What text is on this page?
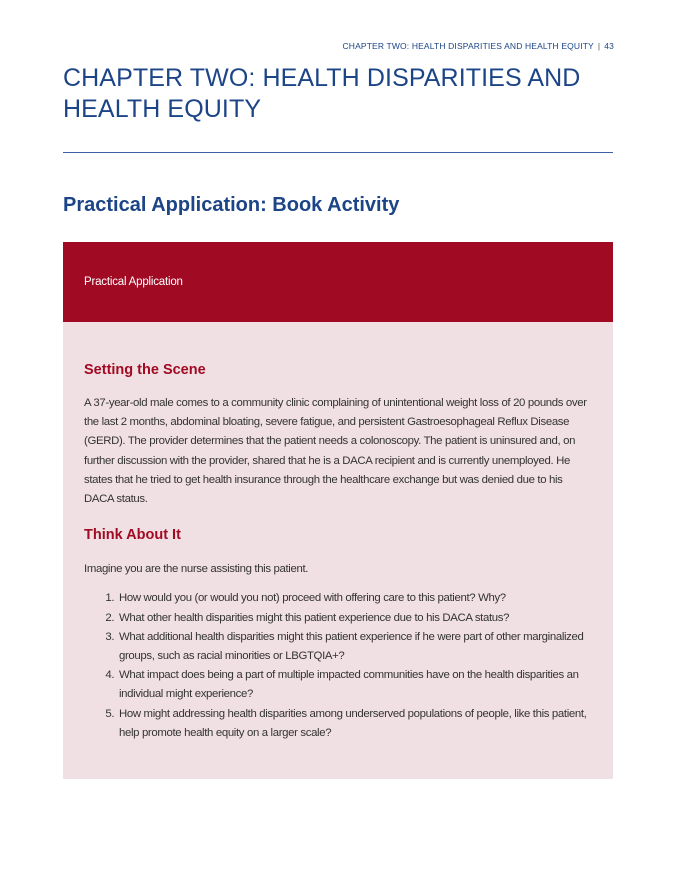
CHAPTER TWO: HEALTH DISPARITIES AND HEALTH EQUITY | 43
CHAPTER TWO: HEALTH DISPARITIES AND HEALTH EQUITY
Practical Application: Book Activity
Practical Application
Setting the Scene

A 37-year-old male comes to a community clinic complaining of unintentional weight loss of 20 pounds over the last 2 months, abdominal bloating, severe fatigue, and persistent Gastroesophageal Reflux Disease (GERD). The provider determines that the patient needs a colonoscopy. The patient is uninsured and, on further discussion with the provider, shared that he is a DACA recipient and is currently unemployed. He states that he tried to get health insurance through the healthcare exchange but was denied due to his DACA status.

Think About It

Imagine you are the nurse assisting this patient.

1. How would you (or would you not) proceed with offering care to this patient? Why?
2. What other health disparities might this patient experience due to his DACA status?
3. What additional health disparities might this patient experience if he were part of other marginalized groups, such as racial minorities or LBGTQIA+?
4. What impact does being a part of multiple impacted communities have on the health disparities an individual might experience?
5. How might addressing health disparities among underserved populations of people, like this patient, help promote health equity on a larger scale?
